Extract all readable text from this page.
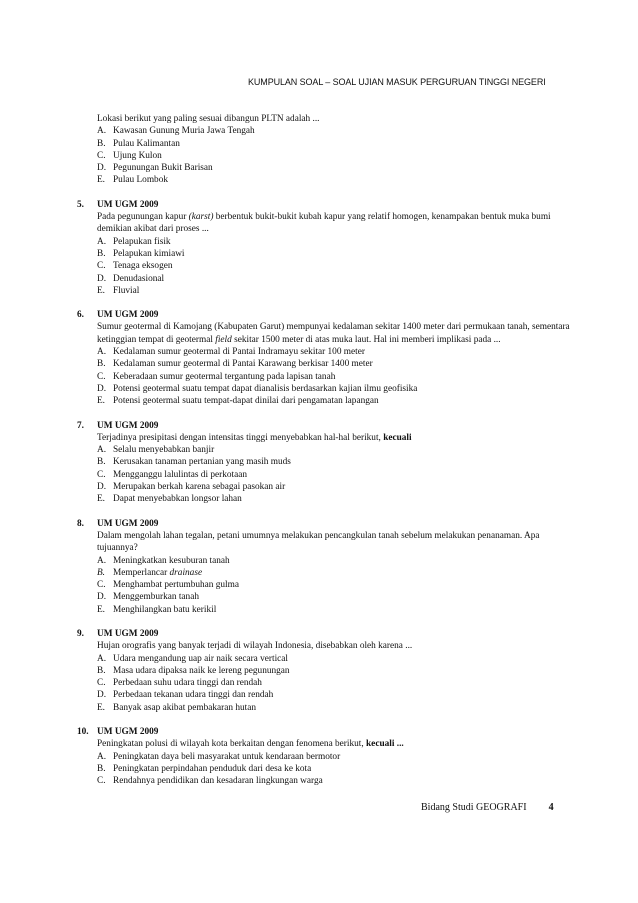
KUMPULAN SOAL – SOAL UJIAN MASUK PERGURUAN TINGGI NEGERI
Lokasi berikut yang paling sesuai dibangun PLTN adalah ...
A. Kawasan Gunung Muria Jawa Tengah
B. Pulau Kalimantan
C. Ujung Kulon
D. Pegunungan Bukit Barisan
E. Pulau Lombok
5. UM UGM 2009
Pada pegunungan kapur (karst) berbentuk bukit-bukit kubah kapur yang relatif homogen, kenampakan bentuk muka bumi demikian akibat dari proses ...
A. Pelapukan fisik
B. Pelapukan kimiawi
C. Tenaga eksogen
D. Denudasional
E. Fluvial
6. UM UGM 2009
Sumur geotermal di Kamojang (Kabupaten Garut) mempunyai kedalaman sekitar 1400 meter dari permukaan tanah, sementara ketinggian tempat di geotermal field sekitar 1500 meter di atas muka laut. Hal ini memberi implikasi pada ...
A. Kedalaman sumur geotermal di Pantai Indramayu sekitar 100 meter
B. Kedalaman sumur geotermal di Pantai Karawang berkisar 1400 meter
C. Keberadaan sumur geotermal tergantung pada lapisan tanah
D. Potensi geotermal suatu tempat dapat dianalisis berdasarkan kajian ilmu geofisika
E. Potensi geotermal suatu tempat-dapat dinilai dari pengamatan lapangan
7. UM UGM 2009
Terjadinya presipitasi dengan intensitas tinggi menyebabkan hal-hal berikut, kecuali
A. Selalu menyebabkan banjir
B. Kerusakan tanaman pertanian yang masih muds
C. Mengganggu lalulintas di perkotaan
D. Merupakan berkah karena sebagai pasokan air
E. Dapat menyebabkan longsor lahan
8. UM UGM 2009
Dalam mengolah lahan tegalan, petani umumnya melakukan pencangkulan tanah sebelum melakukan penanaman. Apa tujuannya?
A. Meningkatkan kesuburan tanah
B. Memperlancar drainase
C. Menghambat pertumbuhan gulma
D. Menggemburkan tanah
E. Menghilangkan batu kerikil
9. UM UGM 2009
Hujan orografis yang banyak terjadi di wilayah Indonesia, disebabkan oleh karena ...
A. Udara mengandung uap air naik secara vertical
B. Masa udara dipaksa naik ke lereng pegunungan
C. Perbedaan suhu udara tinggi dan rendah
D. Perbedaan tekanan udara tinggi dan rendah
E. Banyak asap akibat pembakaran hutan
10. UM UGM 2009
Peningkatan polusi di wilayah kota berkaitan dengan fenomena berikut, kecuali ...
A. Peningkatan daya beli masyarakat untuk kendaraan bermotor
B. Peningkatan perpindahan penduduk dari desa ke kota
C. Rendahnya pendidikan dan kesadaran lingkungan warga
Bidang Studi GEOGRAFI 4
